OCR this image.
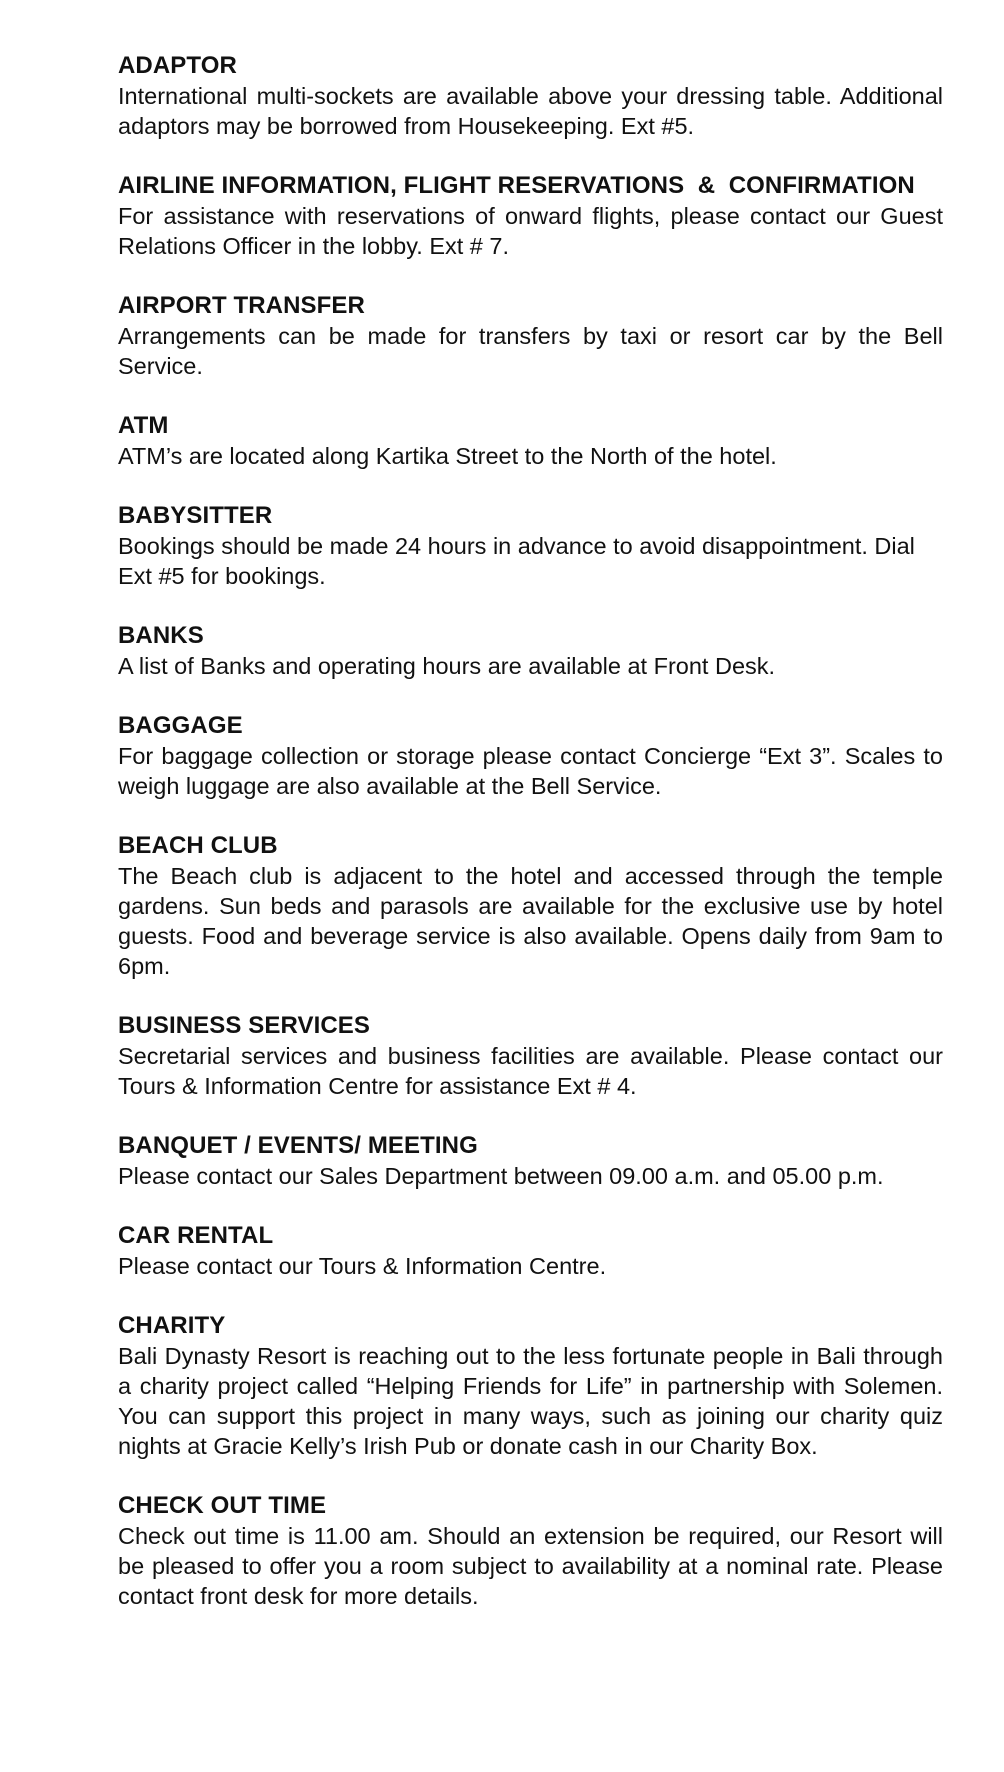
ADAPTOR
International multi-sockets are available above your dressing table. Additional adaptors may be borrowed from Housekeeping. Ext #5.
AIRLINE INFORMATION, FLIGHT RESERVATIONS  &  CONFIRMATION
For assistance with reservations of onward flights, please contact our Guest Relations Officer in the lobby. Ext # 7.
AIRPORT TRANSFER
Arrangements can be made for transfers by taxi or resort car by the Bell Service.
ATM
ATM’s are located along Kartika Street to the North of the hotel.
BABYSITTER
Bookings should be made 24 hours in advance to avoid disappointment. Dial Ext #5 for bookings.
BANKS
A list of Banks and operating hours are available at Front Desk.
BAGGAGE
For baggage collection or storage please contact Concierge “Ext 3”. Scales to weigh luggage are also available at the Bell Service.
BEACH CLUB
The Beach club is adjacent to the hotel and accessed through the temple gardens. Sun beds and parasols are available for the exclusive use by hotel guests. Food and beverage service is also available. Opens daily from 9am to 6pm.
BUSINESS SERVICES
Secretarial services and business facilities are available. Please contact our Tours & Information Centre for assistance Ext # 4.
BANQUET / EVENTS/ MEETING
Please contact our Sales Department between 09.00 a.m. and 05.00 p.m.
CAR RENTAL
Please contact our Tours & Information Centre.
CHARITY
Bali Dynasty Resort is reaching out to the less fortunate people in Bali through a charity project called “Helping Friends for Life” in partnership with Solemen. You can support this project in many ways, such as joining our charity quiz nights at Gracie Kelly’s Irish Pub or donate cash in our Charity Box.
CHECK OUT TIME
Check out time is 11.00 am. Should an extension be required, our Resort will be pleased to offer you a room subject to availability at a nominal rate. Please contact front desk for more details.
